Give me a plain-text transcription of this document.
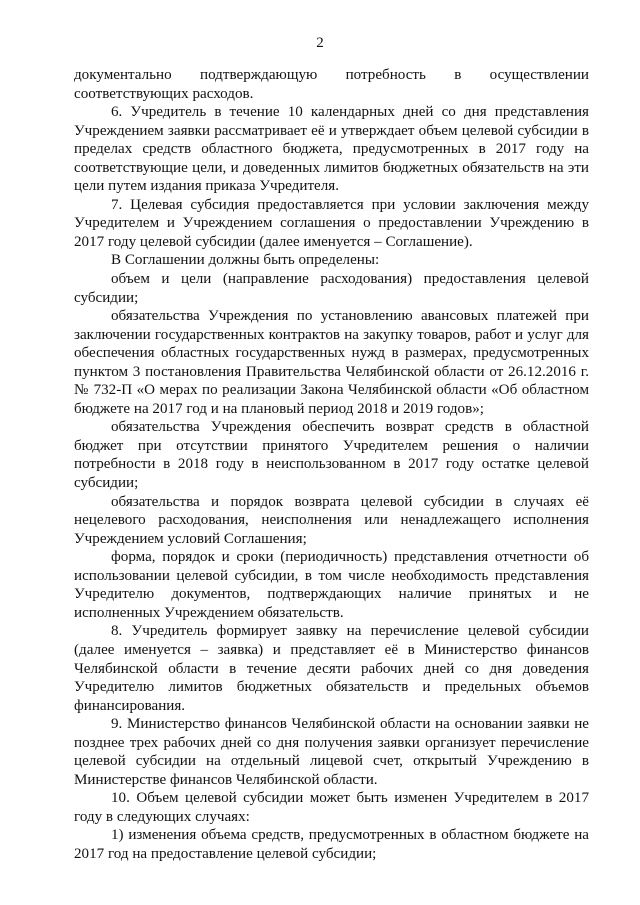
2

документально подтверждающую потребность в осуществлении соответствующих расходов.

6. Учредитель в течение 10 календарных дней со дня представления Учреждением заявки рассматривает её и утверждает объем целевой субсидии в пределах средств областного бюджета, предусмотренных в 2017 году на соответствующие цели, и доведенных лимитов бюджетных обязательств на эти цели путем издания приказа Учредителя.

7. Целевая субсидия предоставляется при условии заключения между Учредителем и Учреждением соглашения о предоставлении Учреждению в 2017 году целевой субсидии (далее именуется – Соглашение).

В Соглашении должны быть определены:

объем и цели (направление расходования) предоставления целевой субсидии;

обязательства Учреждения по установлению авансовых платежей при заключении государственных контрактов на закупку товаров, работ и услуг для обеспечения областных государственных нужд в размерах, предусмотренных пунктом 3 постановления Правительства Челябинской области от 26.12.2016 г. № 732-П «О мерах по реализации Закона Челябинской области «Об областном бюджете на 2017 год и на плановый период 2018 и 2019 годов»;

обязательства Учреждения обеспечить возврат средств в областной бюджет при отсутствии принятого Учредителем решения о наличии потребности в 2018 году в неиспользованном в 2017 году остатке целевой субсидии;

обязательства и порядок возврата целевой субсидии в случаях её нецелевого расходования, неисполнения или ненадлежащего исполнения Учреждением условий Соглашения;

форма, порядок и сроки (периодичность) представления отчетности об использовании целевой субсидии, в том числе необходимость представления Учредителю документов, подтверждающих наличие принятых и не исполненных Учреждением обязательств.

8. Учредитель формирует заявку на перечисление целевой субсидии (далее именуется – заявка) и представляет её в Министерство финансов Челябинской области в течение десяти рабочих дней со дня доведения Учредителю лимитов бюджетных обязательств и предельных объемов финансирования.

9. Министерство финансов Челябинской области на основании заявки не позднее трех рабочих дней со дня получения заявки организует перечисление целевой субсидии на отдельный лицевой счет, открытый Учреждению в Министерстве финансов Челябинской области.

10. Объем целевой субсидии может быть изменен Учредителем в 2017 году в следующих случаях:

1) изменения объема средств, предусмотренных в областном бюджете на 2017 год на предоставление целевой субсидии;
